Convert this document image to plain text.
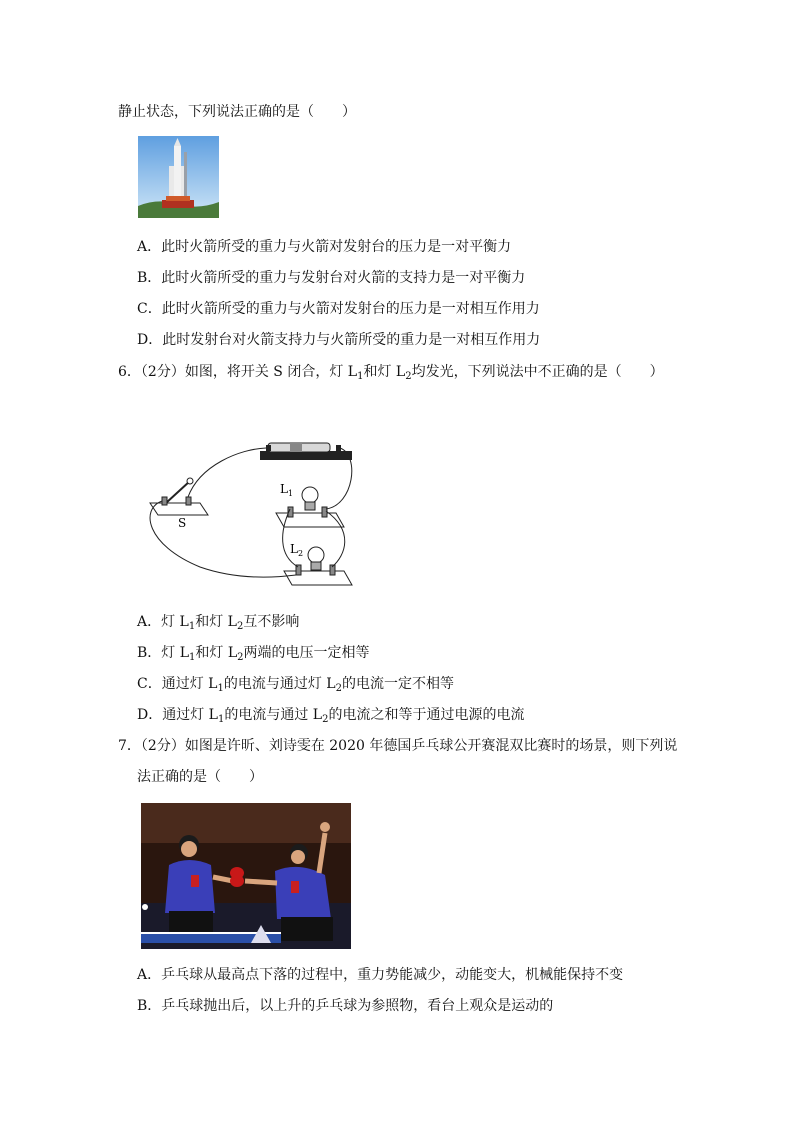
静止状态，下列说法正确的是（　　）
A．此时火箭所受的重力与火箭对发射台的压力是一对平衡力
B．此时火箭所受的重力与发射台对火箭的支持力是一对平衡力
C．此时火箭所受的重力与火箭对发射台的压力是一对相互作用力
D．此时发射台对火箭支持力与火箭所受的重力是一对相互作用力
6．（2分）如图，将开关 S 闭合，灯 $L_1$和灯 $L_2$均发光，下列说法中不正确的是（　　）
S
$L_1$
$L_2$
A．灯 $L_1$和灯 $L_2$互不影响
B．灯 $L_1$和灯 $L_2$两端的电压一定相等
C．通过灯 $L_1$的电流与通过灯 $L_2$的电流一定不相等
D．通过灯 $L_1$的电流与通过 $L_2$的电流之和等于通过电源的电流
7．（2分）如图是许昕、刘诗雯在 2020 年德国乒乓球公开赛混双比赛时的场景，则下列说
法正确的是（　　）
A．乒乓球从最高点下落的过程中，重力势能减少，动能变大，机械能保持不变
B．乒乓球抛出后，以上升的乒乓球为参照物，看台上观众是运动的
